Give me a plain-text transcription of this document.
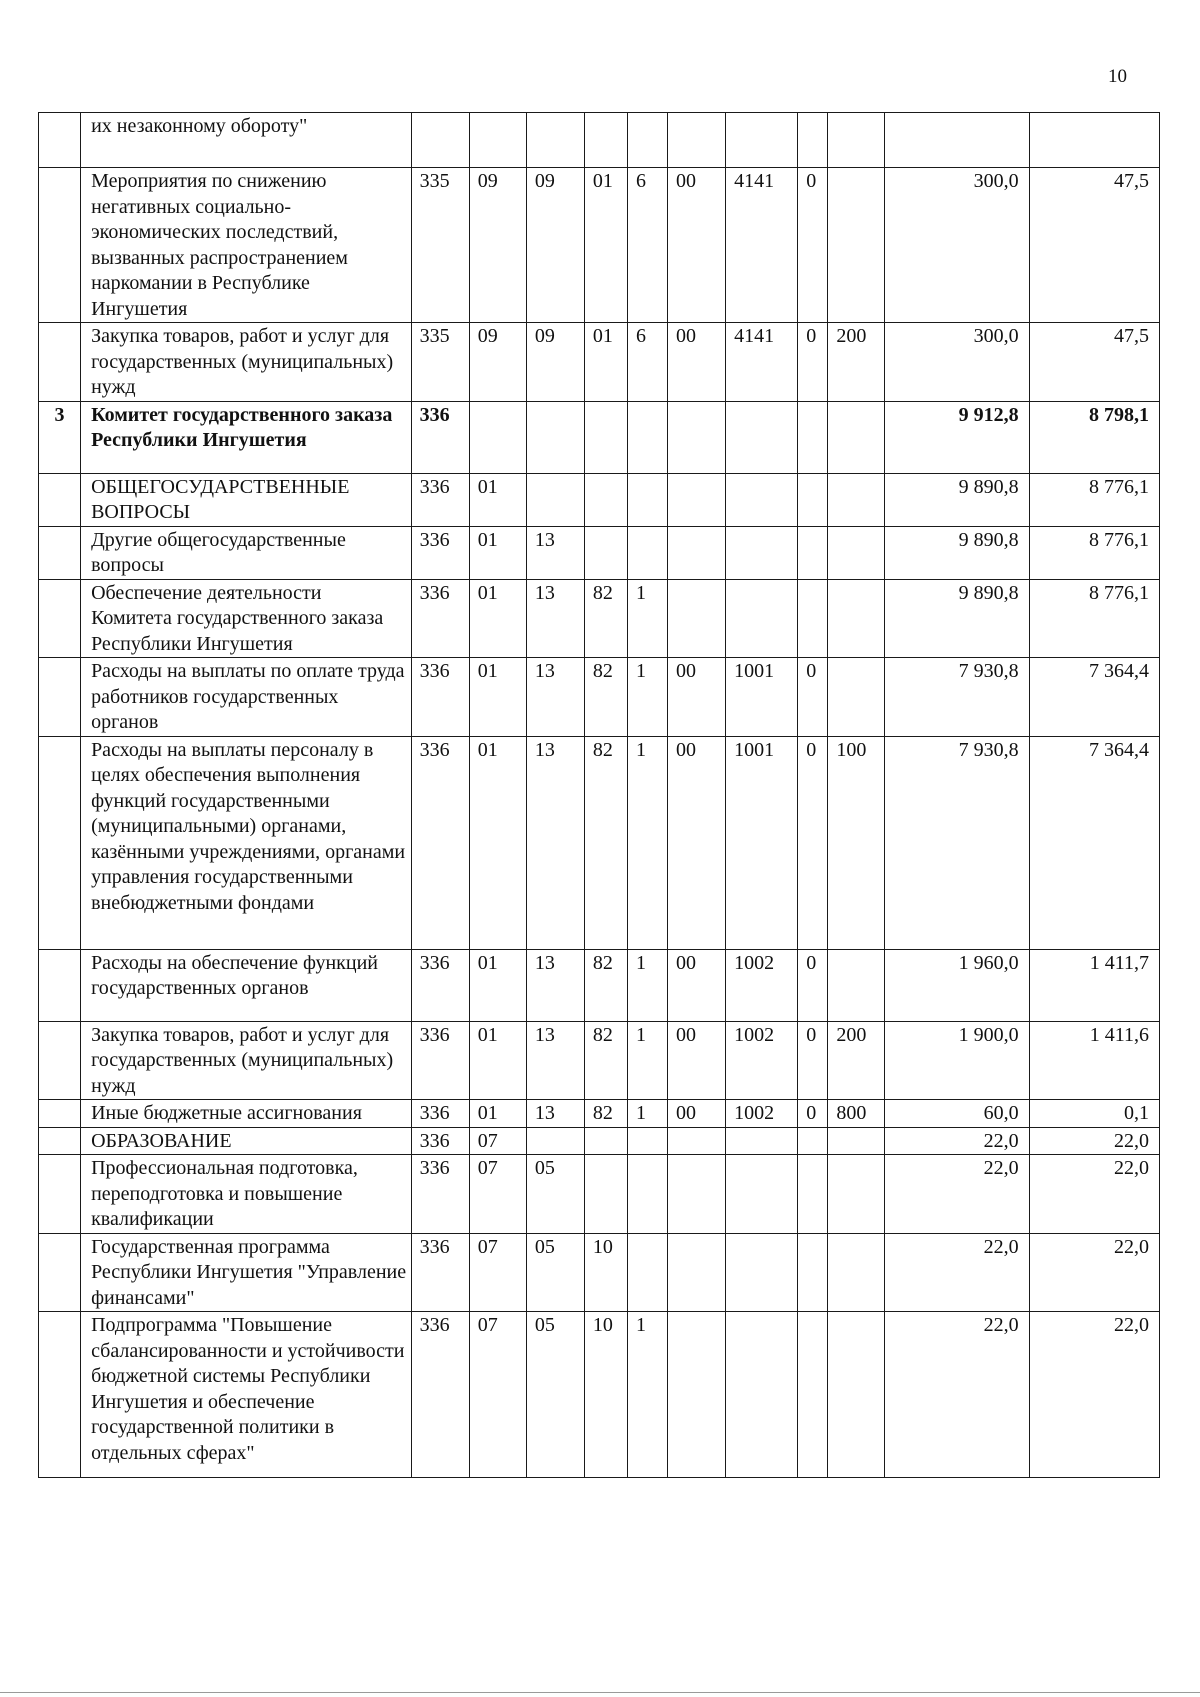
10
	их незаконному обороту"											
	Мероприятия по снижению негативных социально-экономических последствий, вызванных распространением наркомании в Республике Ингушетия	335	09	09	01	6	00	4141	0		300,0	47,5
	Закупка товаров, работ и услуг для государственных (муниципальных) нужд	335	09	09	01	6	00	4141	0	200	300,0	47,5
3	Комитет государственного заказа Республики Ингушетия	336									9 912,8	8 798,1
	ОБЩЕГОСУДАРСТВЕННЫЕ ВОПРОСЫ	336	01								9 890,8	8 776,1
	Другие общегосударственные вопросы	336	01	13							9 890,8	8 776,1
	Обеспечение деятельности Комитета государственного заказа Республики Ингушетия	336	01	13	82	1					9 890,8	8 776,1
	Расходы на выплаты по оплате труда работников государственных органов	336	01	13	82	1	00	1001	0		7 930,8	7 364,4
	Расходы на выплаты персоналу в целях обеспечения выполнения функций государственными (муниципальными) органами, казёнными учреждениями, органами управления государственными внебюджетными фондами	336	01	13	82	1	00	1001	0	100	7 930,8	7 364,4
	Расходы на обеспечение функций государственных органов	336	01	13	82	1	00	1002	0		1 960,0	1 411,7
	Закупка товаров, работ и услуг для государственных (муниципальных) нужд	336	01	13	82	1	00	1002	0	200	1 900,0	1 411,6
	Иные бюджетные ассигнования	336	01	13	82	1	00	1002	0	800	60,0	0,1
	ОБРАЗОВАНИЕ	336	07								22,0	22,0
	Профессиональная подготовка, переподготовка и повышение квалификации	336	07	05							22,0	22,0
	Государственная программа Республики Ингушетия "Управление финансами"	336	07	05	10						22,0	22,0
	Подпрограмма "Повышение сбалансированности и устойчивости бюджетной системы Республики Ингушетия и обеспечение государственной политики в отдельных сферах"	336	07	05	10	1					22,0	22,0
